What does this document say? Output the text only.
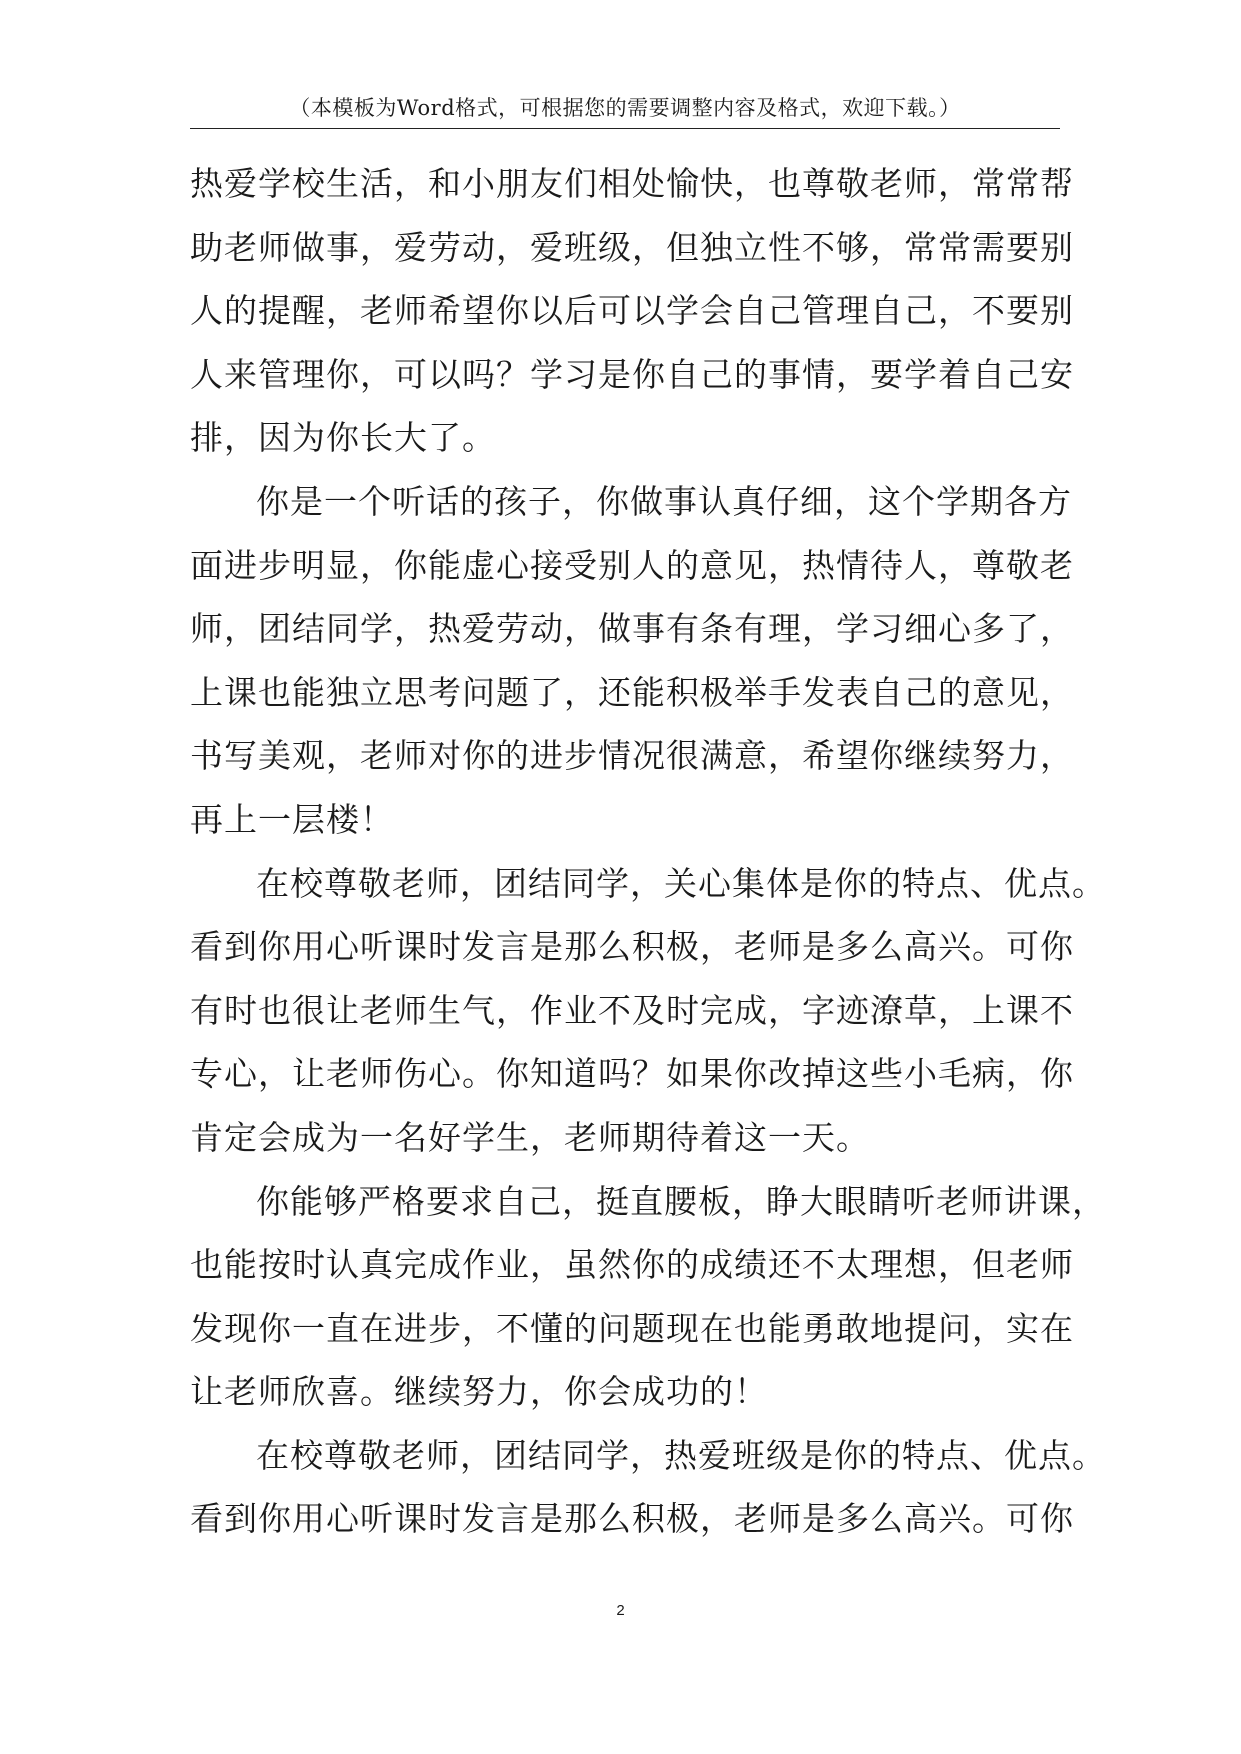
（本模板为Word格式，可根据您的需要调整内容及格式，欢迎下载。）
热爱学校生活，和小朋友们相处愉快，也尊敬老师，常常帮
助老师做事，爱劳动，爱班级，但独立性不够，常常需要别
人的提醒，老师希望你以后可以学会自己管理自己，不要别
人来管理你，可以吗？学习是你自己的事情，要学着自己安
排，因为你长大了。
你是一个听话的孩子，你做事认真仔细，这个学期各方
面进步明显，你能虚心接受别人的意见，热情待人，尊敬老
师，团结同学，热爱劳动，做事有条有理，学习细心多了，
上课也能独立思考问题了，还能积极举手发表自己的意见，
书写美观，老师对你的进步情况很满意，希望你继续努力，
再上一层楼！
在校尊敬老师，团结同学，关心集体是你的特点、优点。
看到你用心听课时发言是那么积极，老师是多么高兴。可你
有时也很让老师生气，作业不及时完成，字迹潦草，上课不
专心，让老师伤心。你知道吗？如果你改掉这些小毛病，你
肯定会成为一名好学生，老师期待着这一天。
你能够严格要求自己，挺直腰板，睁大眼睛听老师讲课，
也能按时认真完成作业，虽然你的成绩还不太理想，但老师
发现你一直在进步，不懂的问题现在也能勇敢地提问，实在
让老师欣喜。继续努力，你会成功的！
在校尊敬老师，团结同学，热爱班级是你的特点、优点。
看到你用心听课时发言是那么积极，老师是多么高兴。可你
2
